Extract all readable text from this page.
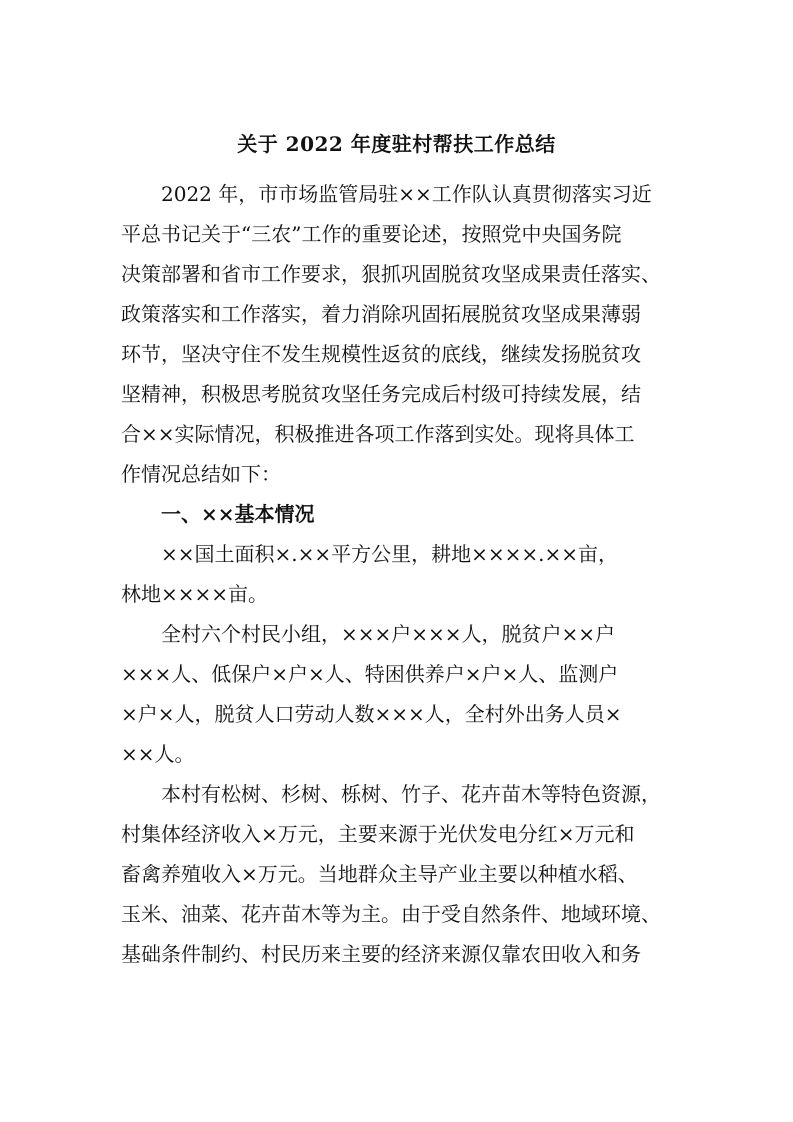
关于 2022 年度驻村帮扶工作总结
2022 年，市市场监管局驻××工作队认真贯彻落实习近
平总书记关于“三农”工作的重要论述，按照党中央国务院
决策部署和省市工作要求，狠抓巩固脱贫攻坚成果责任落实、
政策落实和工作落实，着力消除巩固拓展脱贫攻坚成果薄弱
环节，坚决守住不发生规模性返贫的底线，继续发扬脱贫攻
坚精神，积极思考脱贫攻坚任务完成后村级可持续发展，结
合××实际情况，积极推进各项工作落到实处。现将具体工
作情况总结如下：
一、××基本情况
××国土面积×.××平方公里，耕地××××.××亩，
林地××××亩。
全村六个村民小组，×××户×××人，脱贫户××户
×××人、低保户×户×人、特困供养户×户×人、监测户
×户×人，脱贫人口劳动人数×××人，全村外出务人员×
××人。
本村有松树、杉树、栎树、竹子、花卉苗木等特色资源，
村集体经济收入×万元，主要来源于光伏发电分红×万元和
畜禽养殖收入×万元。当地群众主导产业主要以种植水稻、
玉米、油菜、花卉苗木等为主。由于受自然条件、地域环境、
基础条件制约、村民历来主要的经济来源仅靠农田收入和务
